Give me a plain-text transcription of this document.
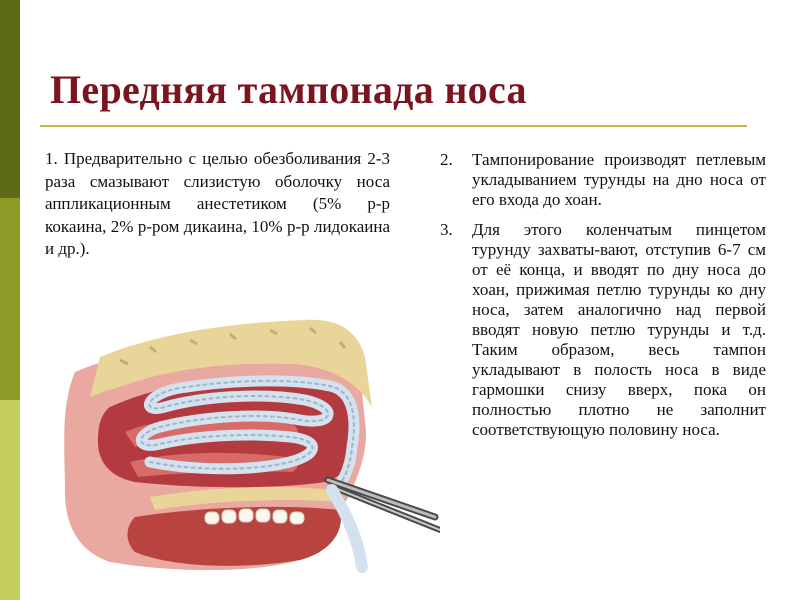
Передняя тампонада носа

1. Предварительно с целью обезболивания 2-3 раза смазывают слизистую оболочку носа аппликационным анестетиком (5% р-р кокаина, 2% р-ром дикаина, 10% р-р лидокаина и др.).

2.	Тампонирование производят петлевым укладыванием турунды на дно носа от его входа до хоан.
3.	Для этого коленчатым пинцетом турунду захваты-вают, отступив 6-7 см от её конца, и вводят по дну носа до хоан, прижимая петлю турунды ко дну носа, затем аналогично над первой вводят новую петлю турунды и т.д. Таким образом, весь тампон укладывают в полость носа в виде гармошки снизу вверх, пока он полностью плотно не заполнит соответствующую половину носа.
